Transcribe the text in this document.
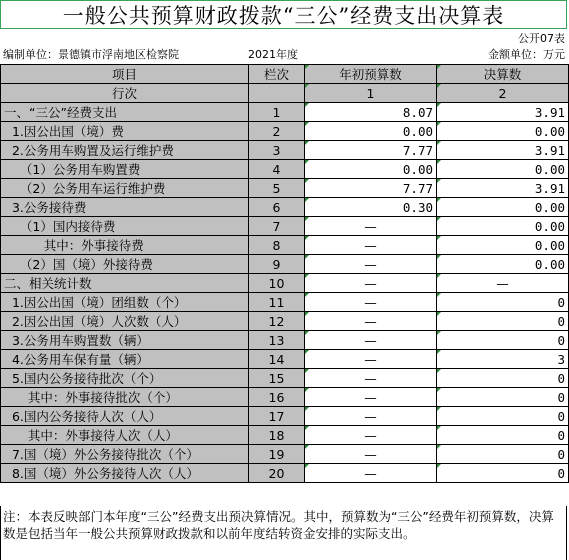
一般公共预算财政拨款“三公”经费支出决算表
公开07表
编制单位：景德镇市浮南地区检察院	2021年度	金额单位：万元
项目	栏次	年初预算数	决算数
行次		1	2
一、“三公”经费支出	1	8.07	3.91
1.因公出国（境）费	2	0.00	0.00
2.公务用车购置及运行维护费	3	7.77	3.91
（1）公务用车购置费	4	0.00	0.00
（2）公务用车运行维护费	5	7.77	3.91
3.公务接待费	6	0.30	0.00
（1）国内接待费	7	—	0.00
其中：外事接待费	8	—	0.00
（2）国（境）外接待费	9	—	0.00
二、相关统计数	10	—	—
1.因公出国（境）团组数（个）	11	—	0
2.因公出国（境）人次数（人）	12	—	0
3.公务用车购置数（辆）	13	—	0
4.公务用车保有量（辆）	14	—	3
5.国内公务接待批次（个）	15	—	0
其中：外事接待批次（个）	16	—	0
6.国内公务接待人次（人）	17	—	0
其中：外事接待人次（人）	18	—	0
7.国（境）外公务接待批次（个）	19	—	0
8.国（境）外公务接待人次（人）	20	—	0
注：本表反映部门本年度“三公”经费支出预决算情况。其中，预算数为“三公”经费年初预算数，决算数是包括当年一般公共预算财政拨款和以前年度结转资金安排的实际支出。
